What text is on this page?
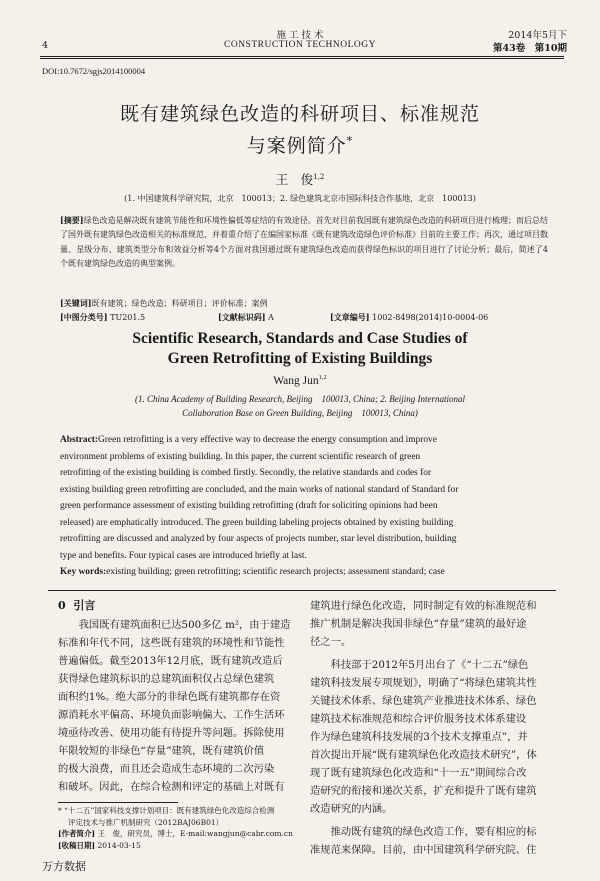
4
施 工 技 术
CONSTRUCTION TECHNOLOGY
2014年5月下
第43卷　第10期
DOI:10.7672/sgjs2014100004
既有建筑绿色改造的科研项目、标准规范
与案例简介*
王　俊$^{1,2}$
(1. 中国建筑科学研究院，北京　100013；2. 绿色建筑北京市国际科技合作基地，北京　100013)
[摘要]绿色改造是解决既有建筑节能性和环境性偏低等症结的有效途径。首先对目前我国既有建筑绿色改造的科研项目进行梳理；而后总结了国外既有建筑绿色改造相关的标准规范，并着重介绍了在编国家标准《既有建筑改造绿色评价标准》目前的主要工作；再次，通过项目数量、星级分布、建筑类型分布和效益分析等4个方面对我国通过既有建筑绿色改造而获得绿色标识的项目进行了讨论分析；最后，简述了4个既有建筑绿色改造的典型案例。
[关键词]既有建筑；绿色改造；科研项目；评价标准；案例
[中图分类号] TU201.5	[文献标识码] A	[文章编号] 1002-8498(2014)10-0004-06
Scientific Research, Standards and Case Studies of
Green Retrofitting of Existing Buildings
Wang Jun$^{1,2}$
(1. China Academy of Building Research, Beijing　100013, China; 2. Beijing International
Collaboration Base on Green Building, Beijing　100013, China)
Abstract:Green retrofitting is a very effective way to decrease the energy consumption and improve
environment problems of existing building. In this paper, the current scientific research of green
retrofitting of the existing building is combed firstly. Secondly, the relative standards and codes for
existing building green retrofitting are concluded, and the main works of national standard of Standard for
green performance assessment of existing building retrofitting (draft for soliciting opinions had been
released) are emphatically introduced. The green building labeling projects obtained by existing building
retrofitting are discussed and analyzed by four aspects of projects number, star level distribution, building
type and benefits. Four typical cases are introduced briefly at last.
Key words:existing building; green retrofitting; scientific research projects; assessment standard; case
0 引言
我国既有建筑面积已达500多亿 m²，由于建造
标准和年代不同，这些既有建筑的环境性和节能性
普遍偏低。截至2013年12月底，既有建筑改造后
获得绿色建筑标识的总建筑面积仅占总绿色建筑
面积约1%。绝大部分的非绿色既有建筑都存在资
源消耗水平偏高、环境负面影响偏大、工作生活环
境亟待改善、使用功能有待提升等问题。拆除使用
年限较短的非绿色“存量”建筑，既有建筑价值
的极大浪费，而且还会造成生态环境的二次污染
和破坏。因此，在综合检测和评定的基础上对既有
* “十二五”国家科技支撑计划项目：既有建筑绿色化改造综合检测
评定技术与推广机制研究（2012BAJ06B01）
[作者简介] 王　俊，研究员，博士，E-mail:wangjun@cabr.com.cn
[收稿日期] 2014-03-15
建筑进行绿色化改造，同时制定有效的标准规范和
推广机制是解决我国非绿色“存量”建筑的最好途
径之一。
科技部于2012年5月出台了《“十二五”绿色
建筑科技发展专项规划》，明确了“将绿色建筑共性
关键技术体系、绿色建筑产业推进技术体系、绿色
建筑技术标准规范和综合评价服务技术体系建设
作为绿色建筑科技发展的3个技术支撑重点”，并
首次提出开展“既有建筑绿色化改造技术研究”，体
现了既有建筑绿色化改造和“十一五”期间综合改
造研究的衔接和递次关系，扩充和提升了既有建筑
改造研究的内涵。
推动既有建筑的绿色改造工作，要有相应的标
准规范来保障。目前，由中国建筑科学研究院、住
万方数据
